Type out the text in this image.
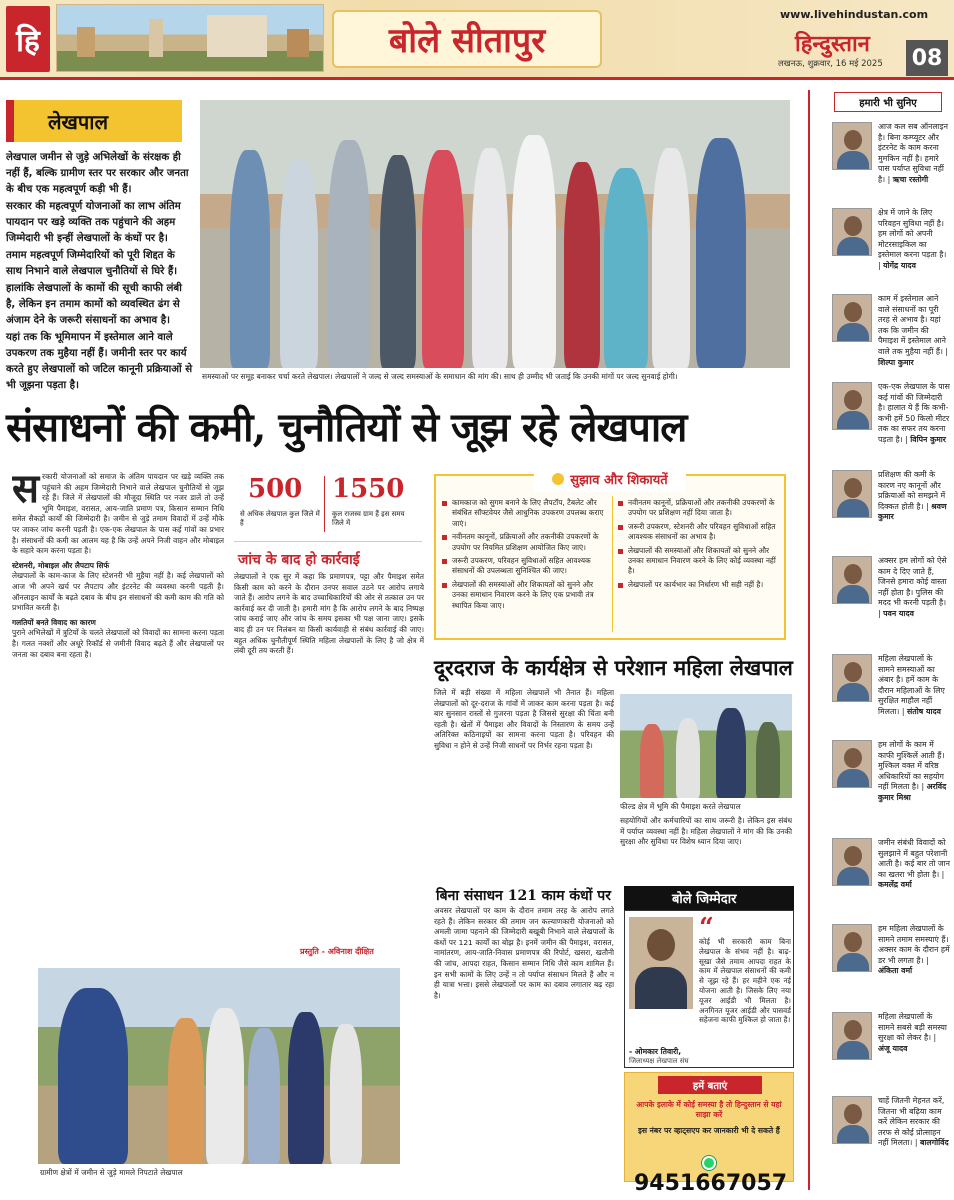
हि	बोले सीतापुर
www.livehindustan.com
हिन्दुस्तान
लखनऊ, शुक्रवार, 16 मई 2025 08
लेखपाल

लेखपाल जमीन से जुड़े अभिलेखों के संरक्षक ही नहीं हैं, बल्कि ग्रामीण स्तर पर सरकार और जनता के बीच एक महत्वपूर्ण कड़ी भी हैं।

सरकार की महत्वपूर्ण योजनाओं का लाभ अंतिम पायदान पर खड़े व्यक्ति तक पहुंचाने की अहम जिम्मेदारी भी इन्हीं लेखपालों के कंधों पर है।

तमाम महत्वपूर्ण जिम्मेदारियों को पूरी शिद्दत के साथ निभाने वाले लेखपाल चुनौतियों से घिरे हैं।

हालांकि लेखपालों के कामों की सूची काफी लंबी है, लेकिन इन तमाम कामों को व्यवस्थित ढंग से अंजाम देने के जरूरी संसाधनों का अभाव है।

यहां तक कि भूमिमापन में इस्तेमाल आने वाले उपकरण तक मुहैया नहीं हैं। जमीनी स्तर पर कार्य करते हुए लेखपालों को जटिल कानूनी प्रक्रियाओं से भी जूझना पड़ता है।

समस्याओं पर समूह बनाकर चर्चा करते लेखपाल। लेखपालों ने जल्द से जल्द समस्याओं के समाधान की मांग की। साथ ही उम्मीद भी जताई कि उनकी मांगों पर जल्द सुनवाई होगी।
संसाधनों की कमी, चुनौतियों से जूझ रहे लेखपाल
स रकारी योजनाओं को समाज के अंतिम पायदान पर खड़े व्यक्ति तक पहुंचाने की अहम जिम्मेदारी निभाने वाले लेखपाल चुनौतियों से जूझ रहे हैं। जिले में लेखपालों की मौजूदा स्थिति पर नजर डालें तो उन्हें भूमि पैमाइश, वरासत, आय-जाति प्रमाण पत्र, किसान सम्मान निधि समेत सैकड़ों कार्यों की जिम्मेदारी है। जमीन से जुड़े तमाम विवादों में उन्हें मौके पर जाकर जांच करनी पड़ती है। एक-एक लेखपाल के पास कई गांवों का प्रभार है। संसाधनों की कमी का आलम यह है कि उन्हें अपने निजी वाहन और मोबाइल के सहारे काम करना पड़ता है।
स्टेशनरी, मोबाइल और लैपटाप सिर्फ
लेखपालों के काम-काज के लिए स्टेशनरी भी मुहैया नहीं है। कई लेखपालों को आज भी अपने खर्च पर लैपटाप और इंटरनेट की व्यवस्था करनी पड़ती है। ऑनलाइन कार्यों के बढ़ते दबाव के बीच इन संसाधनों की कमी काम की गति को प्रभावित करती है।
गलतियों बनते विवाद का कारण
पुराने अभिलेखों में त्रुटियों के चलते लेखपालों को विवादों का सामना करना पड़ता है। गलत नक्शों और अधूरे रिकॉर्ड से जमीनी विवाद बढ़ते हैं और लेखपालों पर जनता का दबाव बना रहता है।
500
से अधिक लेखपाल कुल जिले में हैं
1550
कुल राजस्व ग्राम हैं इस समय जिले में
जांच के बाद हो कार्रवाई
लेखपालों ने एक सुर में कहा कि प्रमाणपत्र, पट्टा और पैमाइश समेत किसी काम को करने के दौरान उनपर सवाल उठने पर आरोप लगाये जाते हैं। आरोप लगने के बाद उच्चाधिकारियों की ओर से तत्काल उन पर कार्रवाई कर दी जाती है। हमारी मांग है कि आरोप लगने के बाद निष्पक्ष जांच कराई जाए और जांच के समय इसका भी पक्ष जाना जाए। इसके बाद ही उन पर निलंबन या किसी कार्यवाही से संबंध कार्रवाई की जाए। बहुत अधिक चुनौतीपूर्ण स्थिति महिला लेखपालों के लिए है जो क्षेत्र में लंबी दूरी तय करती हैं।
प्रस्तुति - अविनाश दीक्षित
ग्रामीण क्षेत्रों में जमीन से जुड़े मामले निपटाते लेखपाल
सुझाव और शिकायतें
कामकाज को सुगम बनाने के लिए लैपटॉप, टैबलेट और संबंधित सॉफ्टवेयर जैसे आधुनिक उपकरण उपलब्ध कराए जाएं।
नवीनतम कानूनों, प्रक्रियाओं और तकनीकी उपकरणों के उपयोग पर नियमित प्रशिक्षण आयोजित किए जाएं।
जरूरी उपकरण, परिवहन सुविधाओं सहित आवश्यक संसाधनों की उपलब्धता सुनिश्चित की जाए।
लेखपालों की समस्याओं और शिकायतों को सुनने और उनका समाधान निवारण करने के लिए एक प्रभावी तंत्र स्थापित किया जाए।
नवीनतम कानूनों, प्रक्रियाओं और तकनीकी उपकरणों के उपयोग पर प्रशिक्षण नहीं दिया जाता है।
जरूरी उपकरण, स्टेशनरी और परिवहन सुविधाओं सहित आवश्यक संसाधनों का अभाव है।
लेखपालों की समस्याओं और शिकायतों को सुनने और उनका समाधान निवारण करने के लिए कोई व्यवस्था नहीं है।
लेखपालों पर कार्यभार का निर्धारण भी सही नहीं है।
दूरदराज के कार्यक्षेत्र से परेशान महिला लेखपाल
जिले में बड़ी संख्या में महिला लेखपालें भी तैनात हैं। महिला लेखपालों को दूर-दराज के गांवों में जाकर काम करना पड़ता है। कई बार सुनसान रास्तों से गुजरना पड़ता है जिससे सुरक्षा की चिंता बनी रहती है। खेतों में पैमाइश और विवादों के निस्तारण के समय उन्हें अतिरिक्त कठिनाइयों का सामना करना पड़ता है। परिवहन की सुविधा न होने से उन्हें निजी साधनों पर निर्भर रहना पड़ता है।
फील्ड क्षेत्र में भूमि की पैमाइश करते लेखपाल
सहयोगियों और कर्मचारियों का साथ जरूरी है। लेकिन इस संबंध में पर्याप्त व्यवस्था नहीं है। महिला लेखपालों ने मांग की कि उनकी सुरक्षा और सुविधा पर विशेष ध्यान दिया जाए।
बिना संसाधन 121 काम कंधों पर
अवसर लेखपालों पर काम के दौरान तमाम तरह के आरोप लगते रहते हैं। लेकिन सरकार की तमाम जन कल्याणकारी योजनाओं को अमली जामा पहनाने की जिम्मेदारी बखूबी निभाने वाले लेखपालों के कंधों पर 121 कार्यों का बोझ है। इनमें जमीन की पैमाइश, वरासत, नामांतरण, आय-जाति-निवास प्रमाणपत्र की रिपोर्ट, खसरा, खतौनी की जांच, आपदा राहत, किसान सम्मान निधि जैसे काम शामिल हैं। इन सभी कामों के लिए उन्हें न तो पर्याप्त संसाधन मिलते हैं और न ही यात्रा भत्ता। इससे लेखपालों पर काम का दबाव लगातार बढ़ रहा है।
बोले जिम्मेदार
“
कोई भी सरकारी काम बिना लेखपाल के संभव नहीं है। बाढ़-सूखा जैसे तमाम आपदा राहत के काम में लेखपाल संसाधनों की कमी से जूझ रहे हैं। हर महीने एक नई योजना आती है। जिसके लिए नया यूजर आईडी भी मिलता है। अनगिनत यूजर आईडी और पासवर्ड सहेजना काफी मुश्किल हो जाता है।
- ओमकार तिवारी,
जिलाध्यक्ष लेखपाल संघ
हमें बताएं
आपके इलाके में कोई समस्या है तो हिन्दुस्तान से यहां साझा करें
इस नंबर पर व्हाट्सएप कर जानकारी भी दे सकते हैं
9451667057
हमारी भी सुनिए
आज कल सब ऑनलाइन है। बिना कम्प्यूटर और इंटरनेट के काम करना मुमकिन नहीं है। हमारे पास पर्याप्त सुविधा नहीं है। | ऋचा रस्तोगी
क्षेत्र में जाने के लिए परिवहन सुविधा नहीं है। हम लोगों को अपनी मोटरसाइकिल का इस्तेमाल करना पड़ता है। | योगेंद्र यादव
काम में इस्तेमाल आने वाले संसाधनों का पूरी तरह से अभाव है। यहां तक कि जमीन की पैमाइश में इस्तेमाल आने वाले तक मुहैया नहीं हैं। | शिल्पा कुमार
एक-एक लेखपाल के पास कई गांवों की जिम्मेदारी है। हालात ये हैं कि कभी-कभी हमें 50 किलो मीटर तक का सफर तय करना पड़ता है। | विपिन कुमार
प्रशिक्षण की कमी के कारण नए कानूनों और प्रक्रियाओं को समझने में दिक्कत होती है। | श्रवण कुमार
अक्सर हम लोगों को ऐसे काम दे दिए जाते हैं, जिनसे हमारा कोई वास्ता नहीं होता है। पुलिस की मदद भी करनी पड़ती है। | पवन यादव
महिला लेखपालों के सामने समस्याओं का अंबार है। हमें काम के दौरान महिलाओं के लिए सुरक्षित माहौल नहीं मिलता। | संतोष यादव
हम लोगों के काम में काफी मुश्किलें आती हैं। मुश्किल वक्त में वरिष्ठ अधिकारियों का सहयोग नहीं मिलता है। | अरविंद कुमार मिश्रा
जमीन संबंधी विवादों को सुलझाने में बहुत परेशानी आती है। कई बार तो जान का खतरा भी होता है। | कमलेंद्र वर्मा
हम महिला लेखपालों के सामने तमाम समस्याएं हैं। अक्सर काम के दौरान हमें डर भी लगता है। | अंकिता वर्मा
महिला लेखपालों के सामने सबसे बड़ी समस्या सुरक्षा को लेकर है। | अंजू यादव
चाहें जितनी मेहनत करें, जितना भी बढ़िया काम करें लेकिन सरकार की तरफ से कोई प्रोत्साहन नहीं मिलता। | बालगोविंद
